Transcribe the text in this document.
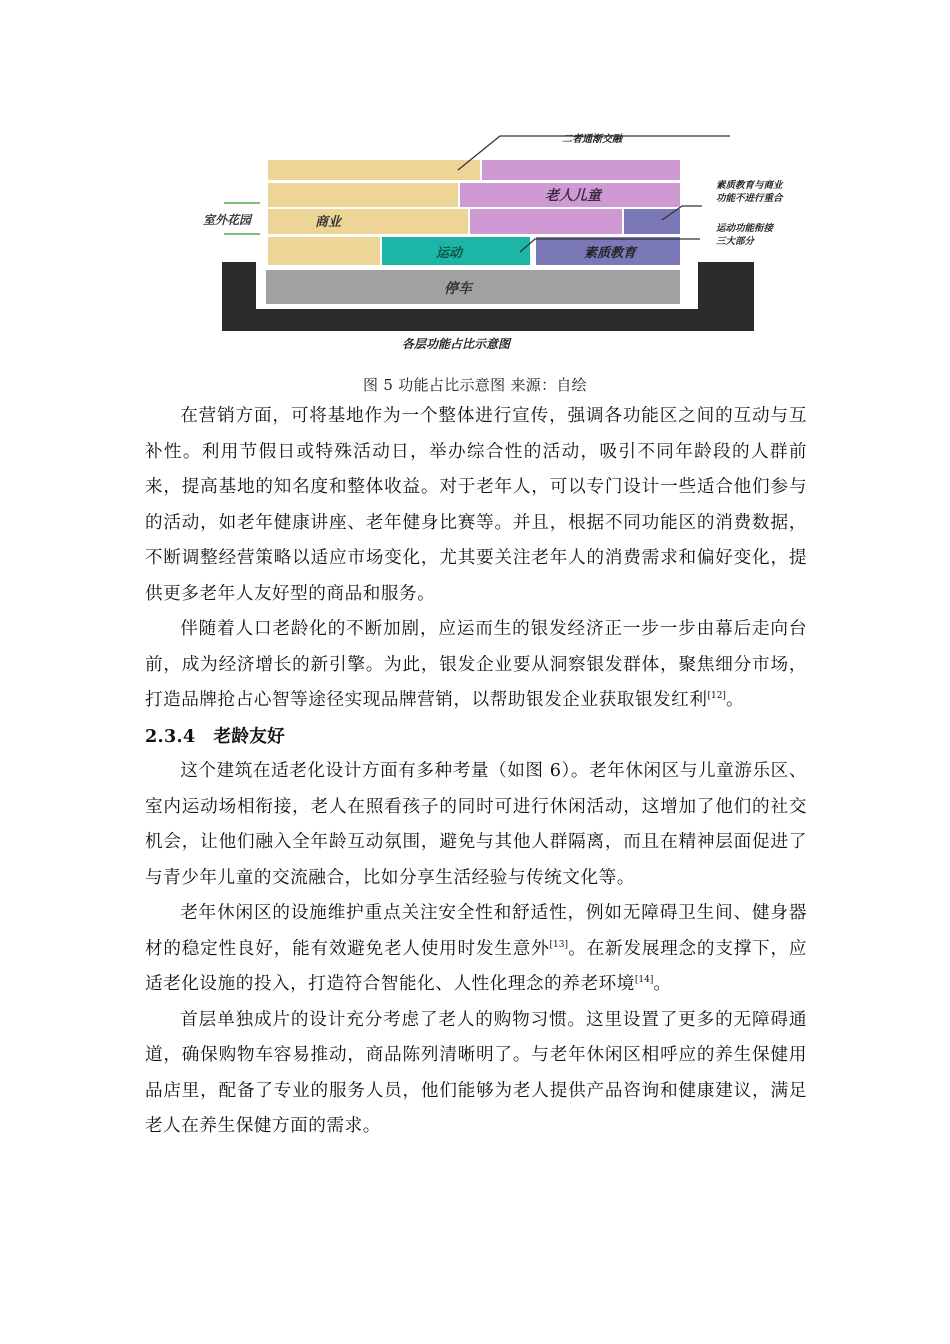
二者通渐交融
老人儿童
商业
室外花园
运动	素质教育
停车
素质教育与商业
功能不进行重合
运动功能衔接
三大部分
各层功能占比示意图
图 5 功能占比示意图 来源：自绘

在营销方面，可将基地作为一个整体进行宣传，强调各功能区之间的互动与互补性。利用节假日或特殊活动日，举办综合性的活动，吸引不同年龄段的人群前来，提高基地的知名度和整体收益。对于老年人，可以专门设计一些适合他们参与的活动，如老年健康讲座、老年健身比赛等。并且，根据不同功能区的消费数据，不断调整经营策略以适应市场变化，尤其要关注老年人的消费需求和偏好变化，提供更多老年人友好型的商品和服务。

伴随着人口老龄化的不断加剧，应运而生的银发经济正一步一步由幕后走向台前，成为经济增长的新引擎。为此，银发企业要从洞察银发群体，聚焦细分市场，打造品牌抢占心智等途径实现品牌营销，以帮助银发企业获取银发红利[12]。

2.3.4 老龄友好

这个建筑在适老化设计方面有多种考量（如图 6）。老年休闲区与儿童游乐区、室内运动场相衔接，老人在照看孩子的同时可进行休闲活动，这增加了他们的社交机会，让他们融入全年龄互动氛围，避免与其他人群隔离，而且在精神层面促进了与青少年儿童的交流融合，比如分享生活经验与传统文化等。

老年休闲区的设施维护重点关注安全性和舒适性，例如无障碍卫生间、健身器材的稳定性良好，能有效避免老人使用时发生意外[13]。在新发展理念的支撑下，应适老化设施的投入，打造符合智能化、人性化理念的养老环境[14]。

首层单独成片的设计充分考虑了老人的购物习惯。这里设置了更多的无障碍通道，确保购物车容易推动，商品陈列清晰明了。与老年休闲区相呼应的养生保健用品店里，配备了专业的服务人员，他们能够为老人提供产品咨询和健康建议，满足老人在养生保健方面的需求。
